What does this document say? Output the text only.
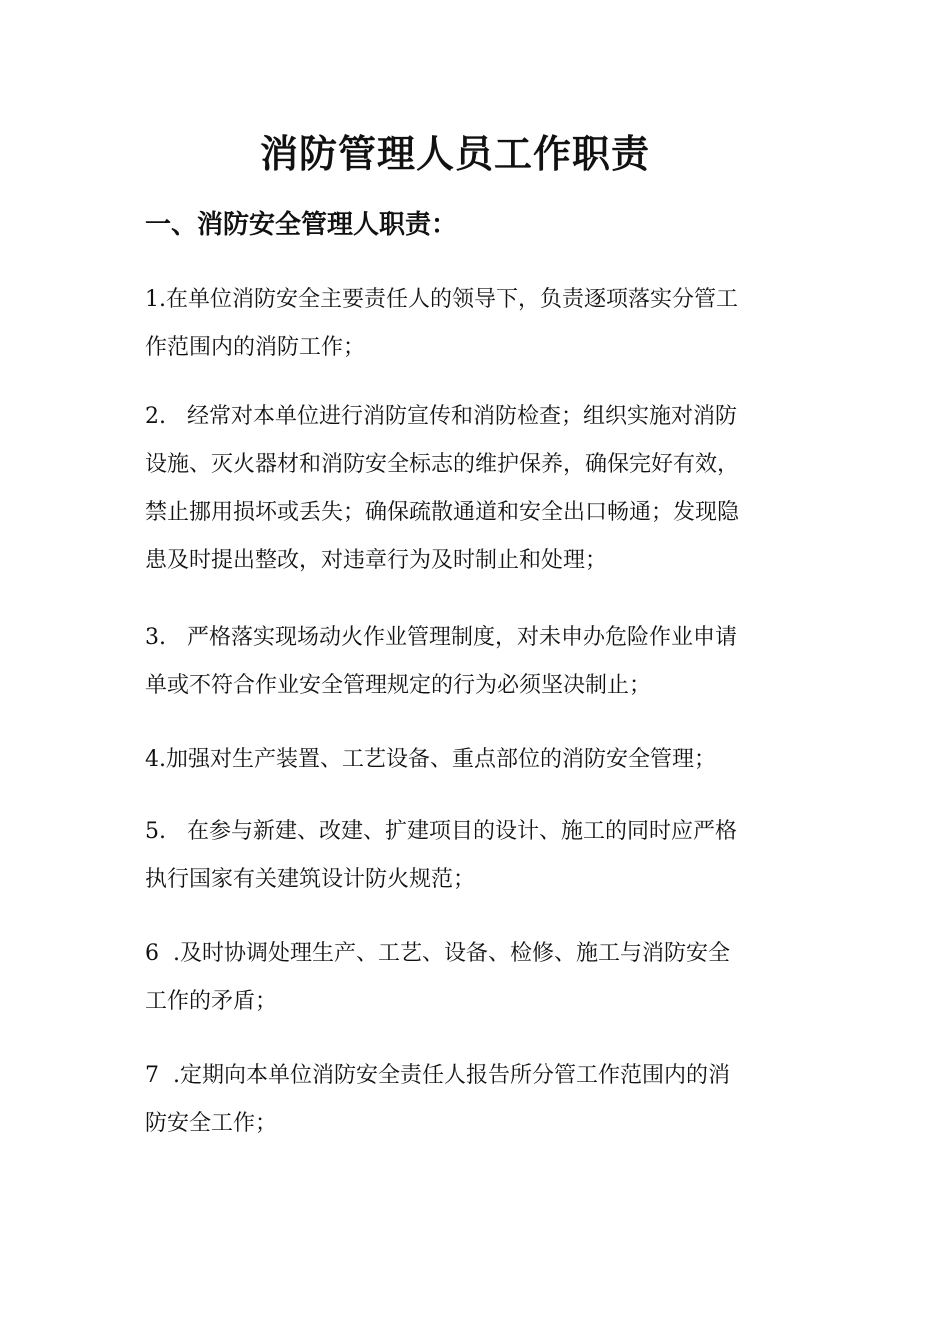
消防管理人员工作职责
一、消防安全管理人职责：

1.在单位消防安全主要责任人的领导下，负责逐项落实分管工
作范围内的消防工作；

2.   经常对本单位进行消防宣传和消防检查；组织实施对消防
设施、灭火器材和消防安全标志的维护保养，确保完好有效，
禁止挪用损坏或丢失；确保疏散通道和安全出口畅通；发现隐
患及时提出整改，对违章行为及时制止和处理；

3.   严格落实现场动火作业管理制度，对未申办危险作业申请
单或不符合作业安全管理规定的行为必须坚决制止；

4.加强对生产装置、工艺设备、重点部位的消防安全管理；

5.   在参与新建、改建、扩建项目的设计、施工的同时应严格
执行国家有关建筑设计防火规范；

6  .及时协调处理生产、工艺、设备、检修、施工与消防安全
工作的矛盾；

7  .定期向本单位消防安全责任人报告所分管工作范围内的消
防安全工作；
